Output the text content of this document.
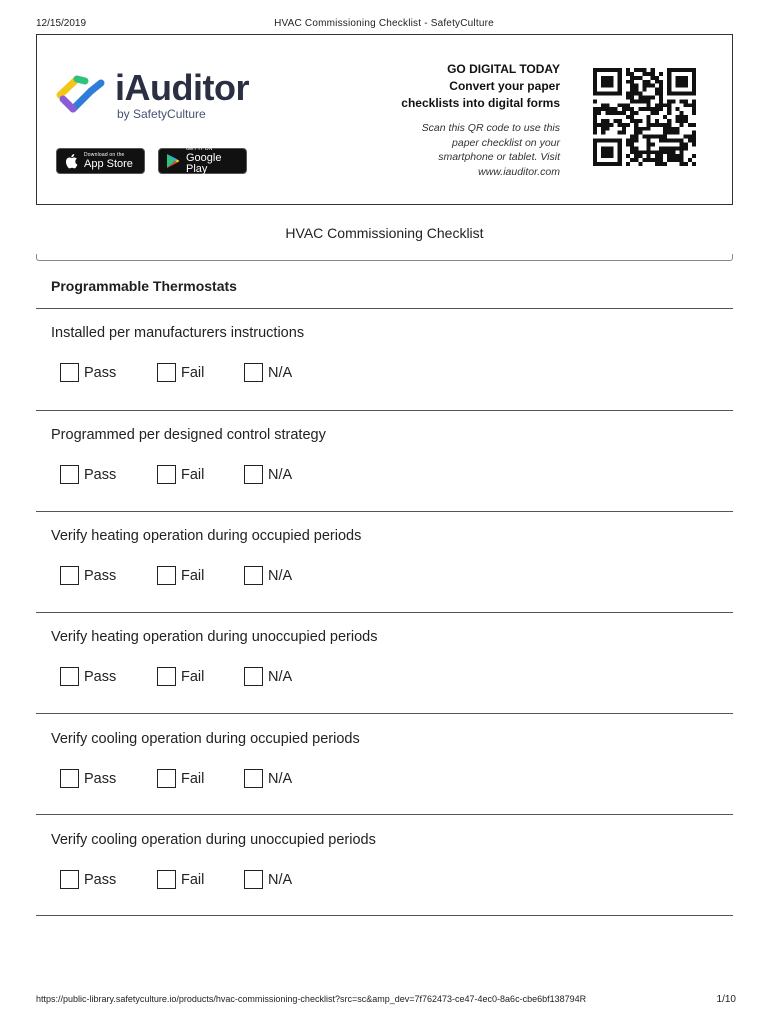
12/15/2019	HVAC Commissioning Checklist - SafetyCulture
iAuditor
by SafetyCulture
Download on the
App Store
GET IT ON
Google Play
GO DIGITAL TODAY
Convert your paper
checklists into digital forms
Scan this QR code to use this paper checklist on your smartphone or tablet. Visit www.iauditor.com
HVAC Commissioning Checklist
Programmable Thermostats
Installed per manufacturers instructions
Pass	Fail	N/A
Programmed per designed control strategy
Pass	Fail	N/A
Verify heating operation during occupied periods
Pass	Fail	N/A
Verify heating operation during unoccupied periods
Pass	Fail	N/A
Verify cooling operation during occupied periods
Pass	Fail	N/A
Verify cooling operation during unoccupied periods
Pass	Fail	N/A
https://public-library.safetyculture.io/products/hvac-commissioning-checklist?src=sc&amp_dev=7f762473-ce47-4ec0-8a6c-cbe6bf138794R	1/10
